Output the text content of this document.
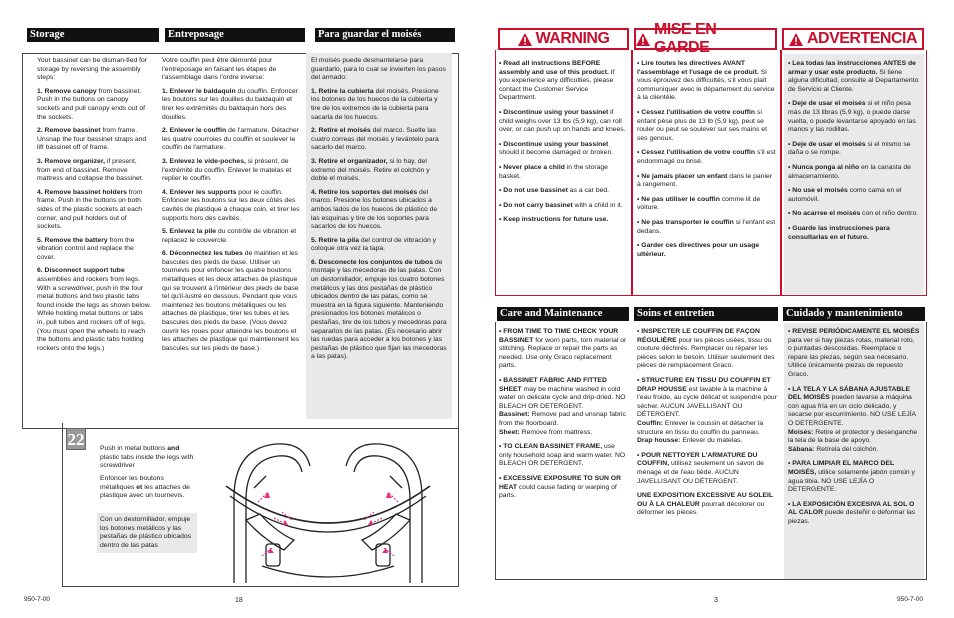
Storage	Entreposage	Para guardar el moisés

Your bassinet can be disman-tled for storage by reversing the assembly steps:

1. Remove canopy from bassinet. Push in the buttons on canopy sockets and pull canopy ends out of the sockets.

2. Remove bassinet from frame. Unsnap the four bassinet straps and lift bassinet off of frame.

3. Remove organizer, if present, from end of bassinet. Remove mattress and collapse the bassinet.

4. Remove bassinet holders from frame. Push in the buttons on both sides of the plastic sockets at each corner, and pull holders out of sockets.

5. Remove the battery from the vibration control and replace the cover.

6. Disconnect support tube assemblies and rockers from legs. With a screwdriver, push in the four metal buttons and two plastic tabs found inside the legs as shown below. While holding metal buttons or tabs in, pull tubes and rockers off of legs. (You must open the wheels to reach the buttons and plastic tabs holding rockers onto the legs.)

Votre couffin peut être démonté pour l'entreposage en faisant les étapes de l'assemblage dans l'ordre inverse:

1. Enlever le baldaquin du couffin. Enfoncer les boutons sur les douilles du baldaquin et tirer les extrémités du baldaquin hors des douilles.

2. Enlever le couffin de l'armature. Détacher les quatre courroies du couffin et soulever le couffin de l'armature.

3. Enlevez le vide-poches, si présent, de l'extrémité du couffin. Enlever le matelas et replier le couffin.

4. Enlever les supports pour le couffin. Enfoncer les boutons sur les deux côtés des cavités de plastique à chaque coin, et tirer les supports hors des cavités.

5. Enlevez la pile du contrôle de vibration et replacez le couvercle.

6. Déconnectez les tubes de maintien et les bascules des pieds de base. Utiliser un tournevis pour enfoncer les quatre boutons métalliques et les deux attaches de plastique qui se trouvent à l'intérieur des pieds de base tel qu'il-lustré en dessous. Pendant que vous maintenez les boutons métalliques ou les attaches de plastique, tirer les tubes et les bascules des pieds de base. (Vous devez ouvrir les roues pour atteindre les boutons et les attaches de plastique qui maintiennent les bascules sur les pieds de base.)

El moisés puede desmantelarse para guardarlo, para lo cual se invierten los pasos del armado:

1. Retire la cubierta del moisés. Presione los botones de los huecos de la cubierta y tire de los extremos de la cubierta para sacarla de los huecos.

2. Retire el moisés del marco. Suelte las cuatro correas del moisés y levántelo para sacarlo del marco.

3. Retire el organizador, si lo hay, del extremo del moisés. Retire el colchón y doble el moisés.

4. Retire los soportes del moisés del marco. Presione los botones ubicados a ambos lados de los huecos de plástico de las esquinas y tire de los soportes para sacarlos de los huecos.

5. Retire la pila del control de vibración y coloque otra vez la tapa.

6. Desconecte los conjuntos de tubos de montaje y las mecedoras de las patas. Con un destornillador, empuje los cuatro botones metálicos y las dos pestañas de plástico ubicados dentro de las patas, como se muestra en la figura siguiente. Manteniendo presionados los botones metálicos o pestañas, tire de los tubos y mecedoras para separarlos de las patas. (Es necesario abrir las ruedas para acceder a los botones y las pestañas de plástico que fijan las mecedoras a las patas).

22 Push in metal buttons and plastic tabs inside the legs with screwdriver
Enfoncer les boutons métalliques et les attaches de plastique avec un tournevis.
Con un destornillador, empuje los botones metálicos y las pestañas de plástico ubicados dentro de las patas
950-7-00	18
WARNING
MISE EN GARDE
ADVERTENCIA

• Read all instructions BEFORE assembly and use of this product. If you experience any difficulties, please contact the Customer Service Department.

• Discontinue using your bassinet if child weighs over 13 lbs (5.9 kg), can roll over, or can push up on hands and knees.

• Discontinue using your bassinet should it become damaged or broken.

• Never place a child in the storage basket.

• Do not use bassinet as a car bed.

• Do not carry bassinet with a child in it.

• Keep instructions for future use.

• Lire toutes les directives AVANT l'assemblage et l'usage de ce produit. Si vous éprouvez des difficultés, s'il vous plaît communiquer avec le département du service à la clientèle.

• Cessez l'utilisation de votre couffin si enfant pèse plus de 13 lb (5,9 kg), peut se rouler ou peut se soulever sur ses mains et ses genoux.

• Cessez l'utilisation de votre couffin s'il est endommagé ou brisé.

• Ne jamais placer un enfant dans le panier à rangement.

• Ne pas utiliser le couffin comme lit de voiture.

• Ne pas transporter le couffin si l'enfant est dedans.

• Garder ces directives pour un usage ultérieur.

• Lea todas las instrucciones ANTES de armar y usar este producto. Si tiene alguna dificultad, consulte al Departamento de Servicio al Cliente.

• Deje de usar el moisés si el niño pesa más de 13 libras (5,9 kg), o puede darse vuelta, o puede levantarse apoyado en las manos y las rodillas.

• Deje de usar el moisés si el mismo se daña o se rompe.

• Nunca ponga al niño en la canasta de almacenamiento.

• No use el moisés como cama en el automóvil.

• No acarree el moisés con el niño dentro.

• Guarde las instrucciones para consultarlas en el futuro.

Care and Maintenance	Soins et entretien	Cuidado y mantenimiento

• FROM TIME TO TIME CHECK YOUR BASSINET for worn parts, torn material or stitching. Replace or repair the parts as needed. Use only Graco replacement parts.

• BASSINET FABRIC AND FITTED SHEET may be machine washed in cold water on delicate cycle and drip-dried. NO BLEACH OR DETERGENT.
Bassinet: Remove pad and unsnap fabric from the floorboard.
Sheet: Remove from mattress.

• TO CLEAN BASSINET FRAME, use only household soap and warm water. NO BLEACH OR DETERGENT.

• EXCESSIVE EXPOSURE TO SUN OR HEAT could cause fading or warping of parts.

• INSPECTER LE COUFFIN DE FAÇON RÉGULIÈRE pour les pièces usées, tissu ou couture déchirés. Remplacer ou réparer les pièces selon le besoin. Utiliser seulement des pièces de remplacement Graco.

• STRUCTURE EN TISSU DU COUFFIN ET DRAP HOUSSE est lavable à la machine à l'eau froide, au cycle délicat et suspendre pour sécher. AUCUN JAVELLISANT OU DÉTERGENT.
Couffin: Enlever le coussin et détacher la structure en tissu du couffin du panneau.
Drap housse: Enlever du matelas.

• POUR NETTOYER L'ARMATURE DU COUFFIN, utilisez seulement un savon de ménage et de l'eau tiède. AUCUN JAVELLISANT OU DÉTERGENT.

UNE EXPOSITION EXCESSIVE AU SOLEIL OU À LA CHALEUR pourrait décolorer ou déformer les pièces.

• REVISE PERIÓDICAMENTE EL MOISÉS para ver si hay piezas rotas, material roto, o puntadas descosidas. Reemplace o repare las piezas, según sea necesario. Utilice únicamente piezas de repuesto Graco.

• LA TELA Y LA SÁBANA AJUSTABLE DEL MOISÉS pueden lavarse a máquina con agua fría en un ciclo delicado, y secarse por escurrimiento. NO USE LEJÍA O DETERGENTE.
Moisés: Retire el protector y desenganche la tela de la base de apoyo.
Sábana: Retírela del colchón.

• PARA LIMPIAR EL MARCO DEL MOISÉS, utilice solamente jabón común y agua tibia. NO USE LEJÍA O DETERGENTE.

• LA EXPOSICIÓN EXCESIVA AL SOL O AL CALOR puede desteñir o deformar las piezas.

3	950-7-00
